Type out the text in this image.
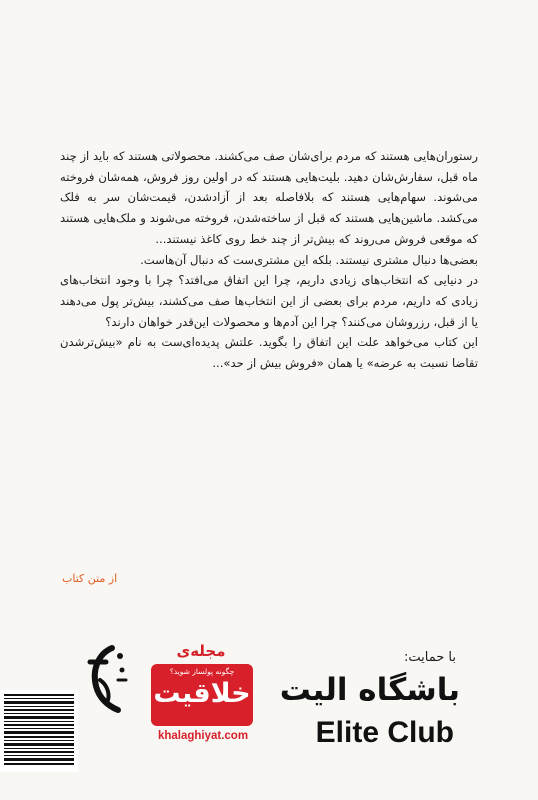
رستوران‌هایی هستند که مردم برای‌شان صف می‌کشند. محصولاتی هستند که باید از چند ماه قبل، سفارش‌شان دهید. بلیت‌هایی هستند که در اولین روز فروش، همه‌شان فروخته می‌شوند. سهام‌هایی هستند که بلافاصله بعد از آزادشدن، قیمت‌شان سر به فلک می‌کشد. ماشین‌هایی هستند که قبل از ساخته‌شدن، فروخته می‌شوند و ملک‌هایی هستند که موقعی فروش می‌روند که بیش‌تر از چند خط روی کاغذ نیستند...

بعضی‌ها دنبال مشتری نیستند. بلکه این مشتری‌ست که دنبال آن‌هاست.

در دنیایی که انتخاب‌های زیادی داریم، چرا این اتفاق می‌افتد؟ چرا با وجود انتخاب‌های زیادی که داریم، مردم برای بعضی از این انتخاب‌ها صف می‌کشند، بیش‌تر پول می‌دهند یا از قبل، رزروشان می‌کنند؟ چرا این آدم‌ها و محصولات این‌قدر خواهان دارند؟

این کتاب می‌خواهد علت این اتفاق را بگوید. علتش پدیده‌ای‌ست به نام «بیش‌ترشدن تقاضا نسبت به عرضه» یا همان «فروش بیش از حد»...

از متن کتاب
با حمایت:
باشگاه الیت
Elite Club
مجله‌ی
چگونه پولساز شوید؟
خلاقیت
khalaghiyat.com
